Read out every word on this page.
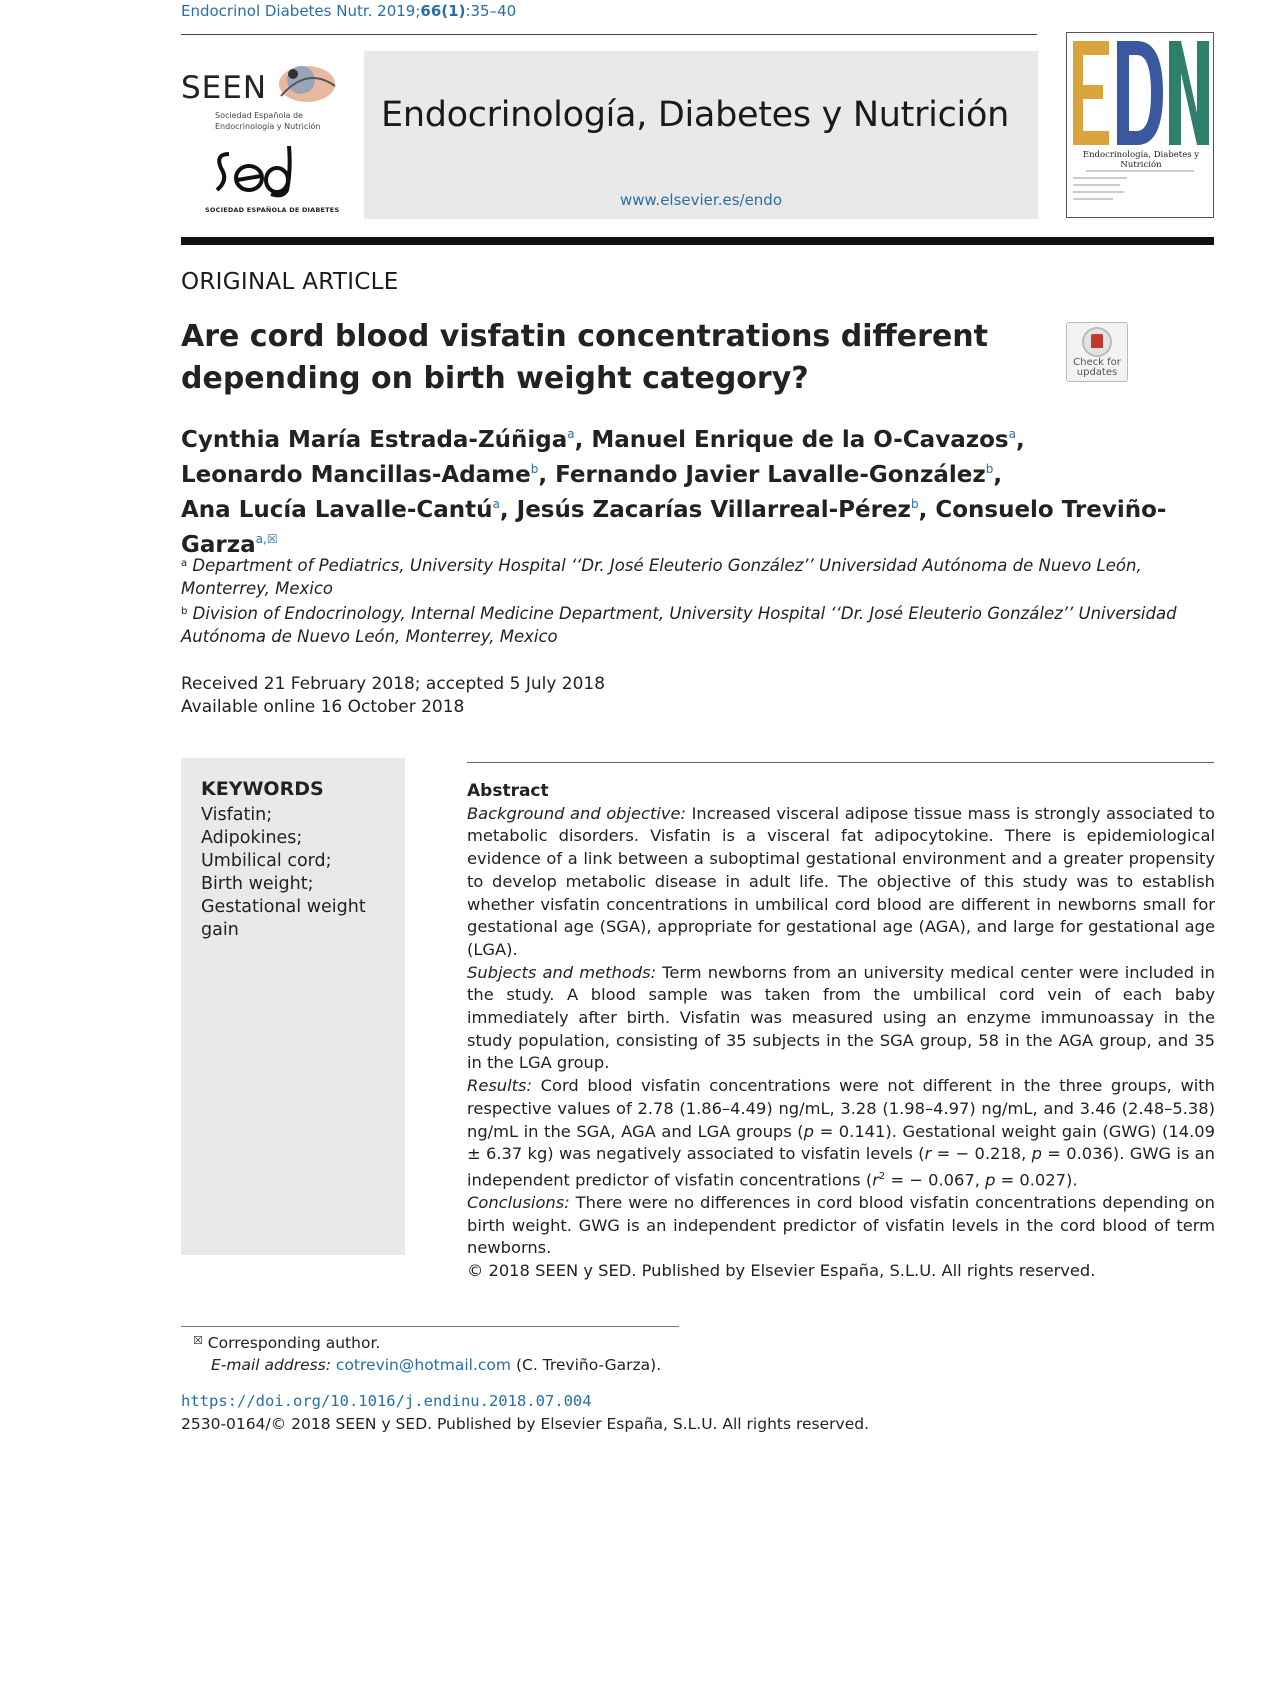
Endocrinol Diabetes Nutr. 2019;66(1):35–40
SEEN
Sociedad Española de
Endocrinología y Nutrición
SOCIEDAD ESPAÑOLA DE DIABETES
Endocrinología, Diabetes y Nutrición
www.elsevier.es/endo
Endocrinología, Diabetes y Nutrición
ORIGINAL ARTICLE
Are cord blood visfatin concentrations different depending on birth weight category?	Check for
updates
Cynthia María Estrada-Zúñiga$^a$, Manuel Enrique de la O-Cavazos$^a$,
Leonardo Mancillas-Adame$^b$, Fernando Javier Lavalle-González$^b$,
Ana Lucía Lavalle-Cantú$^a$, Jesús Zacarías Villarreal-Pérez$^b$, Consuelo Treviño-Garza$^{a,☒}$
$^a$ Department of Pediatrics, University Hospital ‘‘Dr. José Eleuterio González’’ Universidad Autónoma de Nuevo León, Monterrey, Mexico
$^b$ Division of Endocrinology, Internal Medicine Department, University Hospital ‘‘Dr. José Eleuterio González’’ Universidad Autónoma de Nuevo León, Monterrey, Mexico
Received 21 February 2018; accepted 5 July 2018
Available online 16 October 2018
KEYWORDS
Visfatin;
Adipokines;
Umbilical cord;
Birth weight;
Gestational weight gain
Abstract
Background and objective: Increased visceral adipose tissue mass is strongly associated to metabolic disorders. Visfatin is a visceral fat adipocytokine. There is epidemiological evidence of a link between a suboptimal gestational environment and a greater propensity to develop metabolic disease in adult life. The objective of this study was to establish whether visfatin concentrations in umbilical cord blood are different in newborns small for gestational age (SGA), appropriate for gestational age (AGA), and large for gestational age (LGA).
Subjects and methods: Term newborns from an university medical center were included in the study. A blood sample was taken from the umbilical cord vein of each baby immediately after birth. Visfatin was measured using an enzyme immunoassay in the study population, consisting of 35 subjects in the SGA group, 58 in the AGA group, and 35 in the LGA group.
Results: Cord blood visfatin concentrations were not different in the three groups, with respective values of 2.78 (1.86–4.49) ng/mL, 3.28 (1.98–4.97) ng/mL, and 3.46 (2.48–5.38) ng/mL in the SGA, AGA and LGA groups (p = 0.141). Gestational weight gain (GWG) (14.09 ± 6.37 kg) was negatively associated to visfatin levels (r = − 0.218, p = 0.036). GWG is an independent predictor of visfatin concentrations ($r^2$ = − 0.067, p = 0.027).
Conclusions: There were no differences in cord blood visfatin concentrations depending on birth weight. GWG is an independent predictor of visfatin levels in the cord blood of term newborns.
© 2018 SEEN y SED. Published by Elsevier España, S.L.U. All rights reserved.
☒ Corresponding author.
E-mail address: cotrevin@hotmail.com (C. Treviño-Garza).
https://doi.org/10.1016/j.endinu.2018.07.004
2530-0164/© 2018 SEEN y SED. Published by Elsevier España, S.L.U. All rights reserved.
